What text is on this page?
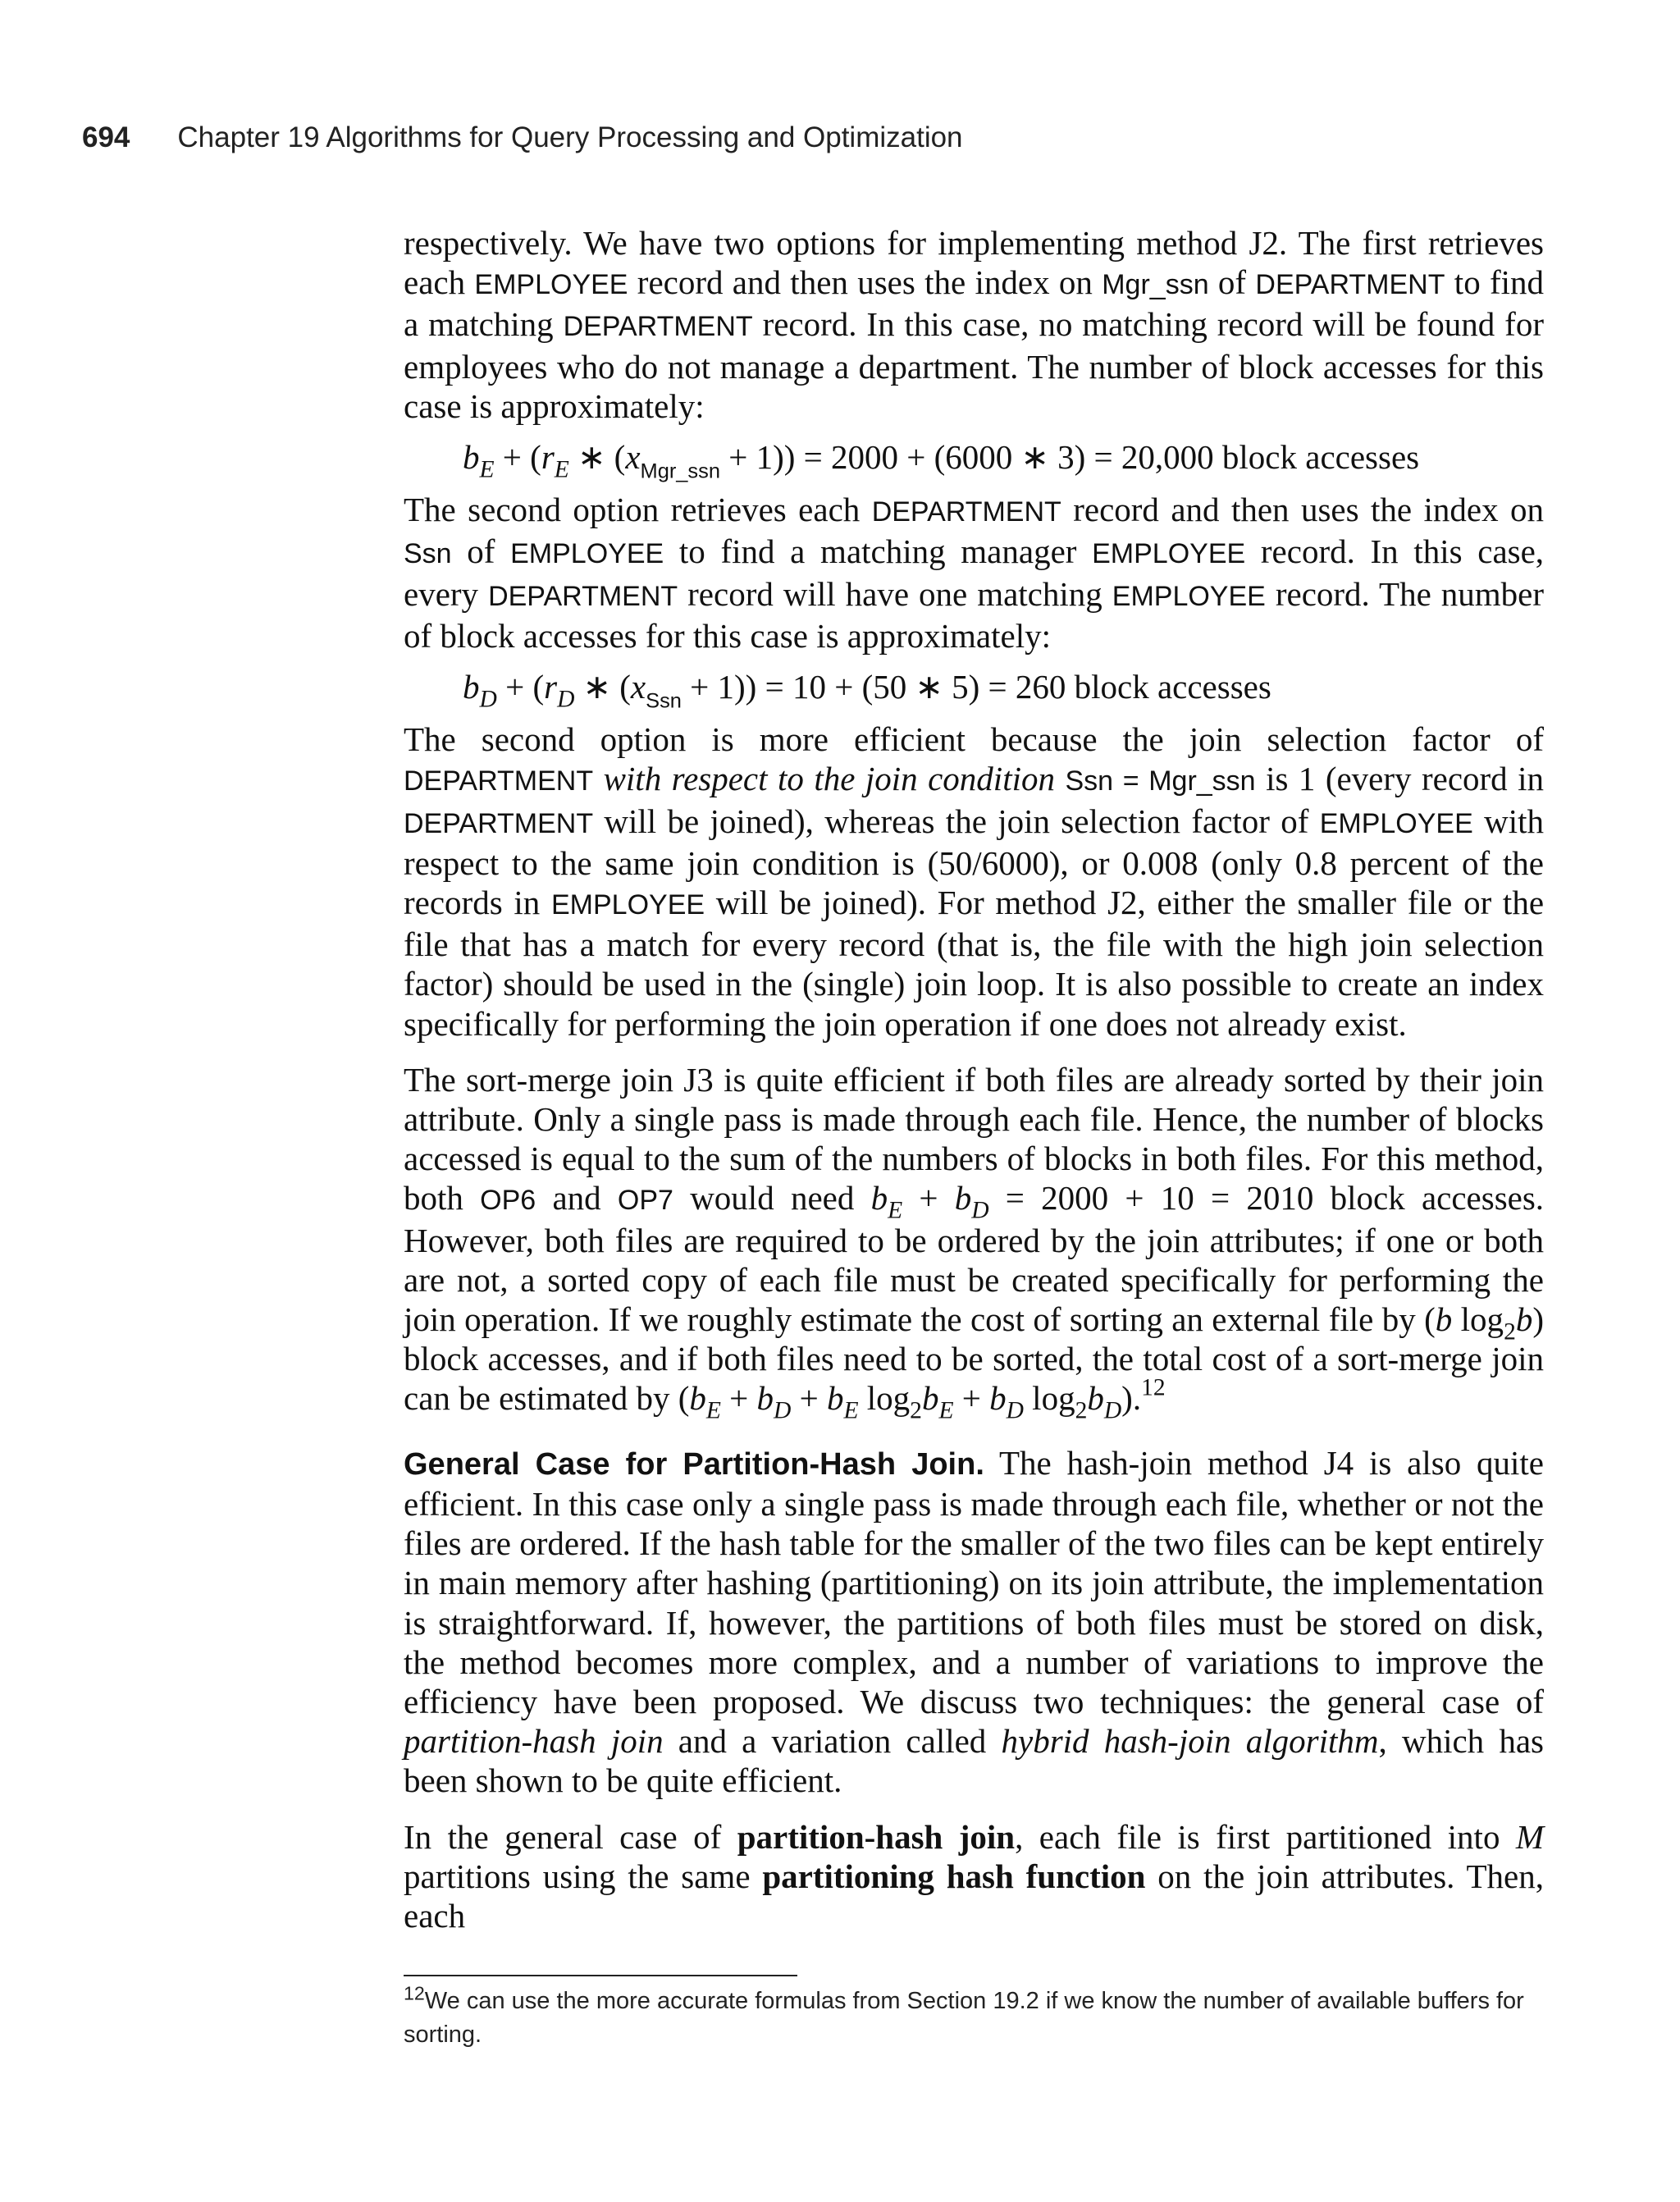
694 Chapter 19 Algorithms for Query Processing and Optimization

respectively. We have two options for implementing method J2. The first retrieves each EMPLOYEE record and then uses the index on Mgr_ssn of DEPARTMENT to find a matching DEPARTMENT record. In this case, no matching record will be found for employees who do not manage a department. The number of block accesses for this case is approximately:

$b_E + (r_E$ ∗ $(x_{Mgr\_ssn} + 1)) = 2000 + (6000$ ∗ 3) = 20,000 block accesses

The second option retrieves each DEPARTMENT record and then uses the index on Ssn of EMPLOYEE to find a matching manager EMPLOYEE record. In this case, every DEPARTMENT record will have one matching EMPLOYEE record. The number of block accesses for this case is approximately:

$b_D + (r_D$ ∗ $(x_{Ssn} + 1)) = 10 + (50$ ∗ 5) = 260 block accesses

The second option is more efficient because the join selection factor of DEPARTMENT with respect to the join condition Ssn = Mgr_ssn is 1 (every record in DEPARTMENT will be joined), whereas the join selection factor of EMPLOYEE with respect to the same join condition is (50/6000), or 0.008 (only 0.8 percent of the records in EMPLOYEE will be joined). For method J2, either the smaller file or the file that has a match for every record (that is, the file with the high join selection factor) should be used in the (single) join loop. It is also possible to create an index specifically for performing the join operation if one does not already exist.

The sort-merge join J3 is quite efficient if both files are already sorted by their join attribute. Only a single pass is made through each file. Hence, the number of blocks accessed is equal to the sum of the numbers of blocks in both files. For this method, both OP6 and OP7 would need $b_E + b_D = 2000 + 10 = 2010$ block accesses. However, both files are required to be ordered by the join attributes; if one or both are not, a sorted copy of each file must be created specifically for performing the join operation. If we roughly estimate the cost of sorting an external file by (b $\log_2b$) block accesses, and if both files need to be sorted, the total cost of a sort-merge join can be estimated by ($b_E + b_D + b_E$ $\log_2b_E + b_D$ $\log_2b_D).^{12}$

General Case for Partition-Hash Join. The hash-join method J4 is also quite efficient. In this case only a single pass is made through each file, whether or not the files are ordered. If the hash table for the smaller of the two files can be kept entirely in main memory after hashing (partitioning) on its join attribute, the implementation is straightforward. If, however, the partitions of both files must be stored on disk, the method becomes more complex, and a number of variations to improve the efficiency have been proposed. We discuss two techniques: the general case of partition-hash join and a variation called hybrid hash-join algorithm, which has been shown to be quite efficient.

In the general case of partition-hash join, each file is first partitioned into M partitions using the same partitioning hash function on the join attributes. Then, each

$^{12}$We can use the more accurate formulas from Section 19.2 if we know the number of available buffers for sorting.
